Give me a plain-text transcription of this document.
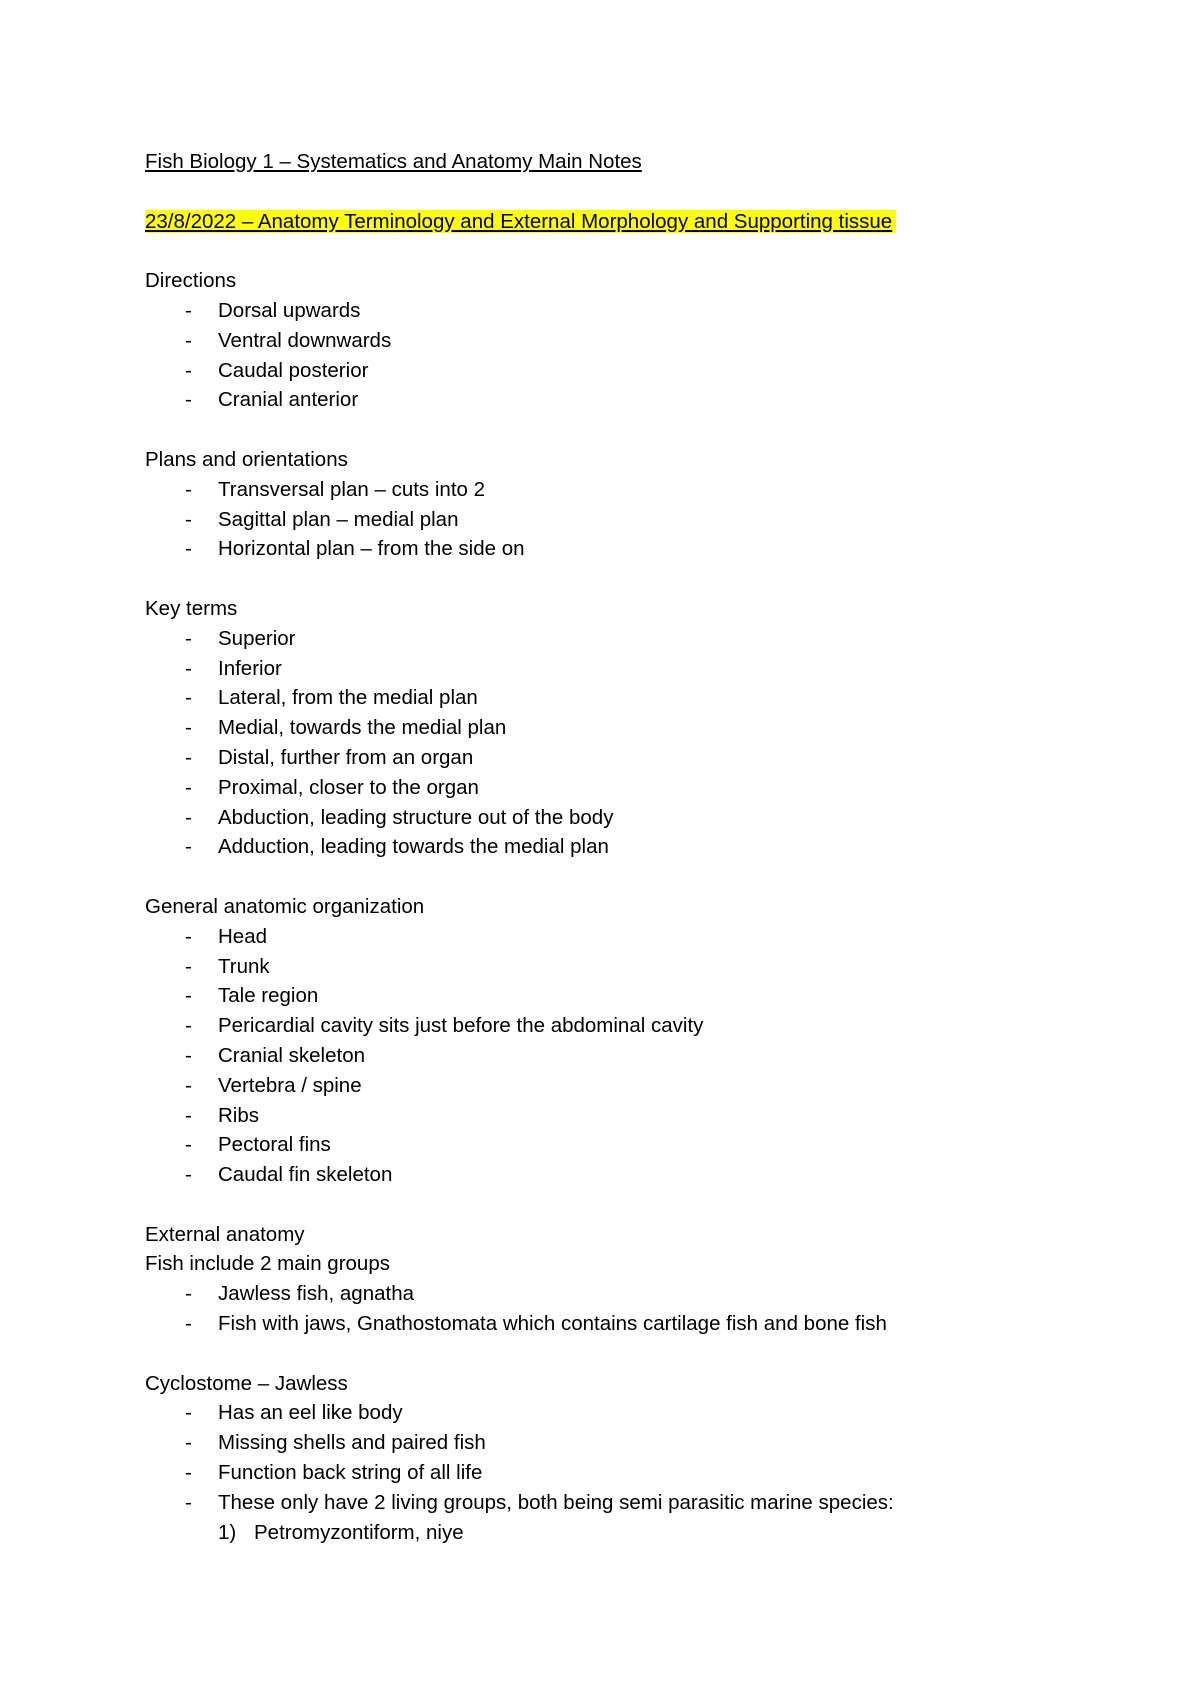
Fish Biology 1 – Systematics and Anatomy Main Notes
23/8/2022 – Anatomy Terminology and External Morphology and Supporting tissue
Directions
- Dorsal upwards
- Ventral downwards
- Caudal posterior
- Cranial anterior
Plans and orientations
- Transversal plan – cuts into 2
- Sagittal plan – medial plan
- Horizontal plan – from the side on
Key terms
- Superior
- Inferior
- Lateral, from the medial plan
- Medial, towards the medial plan
- Distal, further from an organ
- Proximal, closer to the organ
- Abduction, leading structure out of the body
- Adduction, leading towards the medial plan
General anatomic organization
- Head
- Trunk
- Tale region
- Pericardial cavity sits just before the abdominal cavity
- Cranial skeleton
- Vertebra / spine
- Ribs
- Pectoral fins
- Caudal fin skeleton
External anatomy
Fish include 2 main groups
- Jawless fish, agnatha
- Fish with jaws, Gnathostomata which contains cartilage fish and bone fish
Cyclostome – Jawless
- Has an eel like body
- Missing shells and paired fish
- Function back string of all life
- These only have 2 living groups, both being semi parasitic marine species:
1) Petromyzontiform, niye
